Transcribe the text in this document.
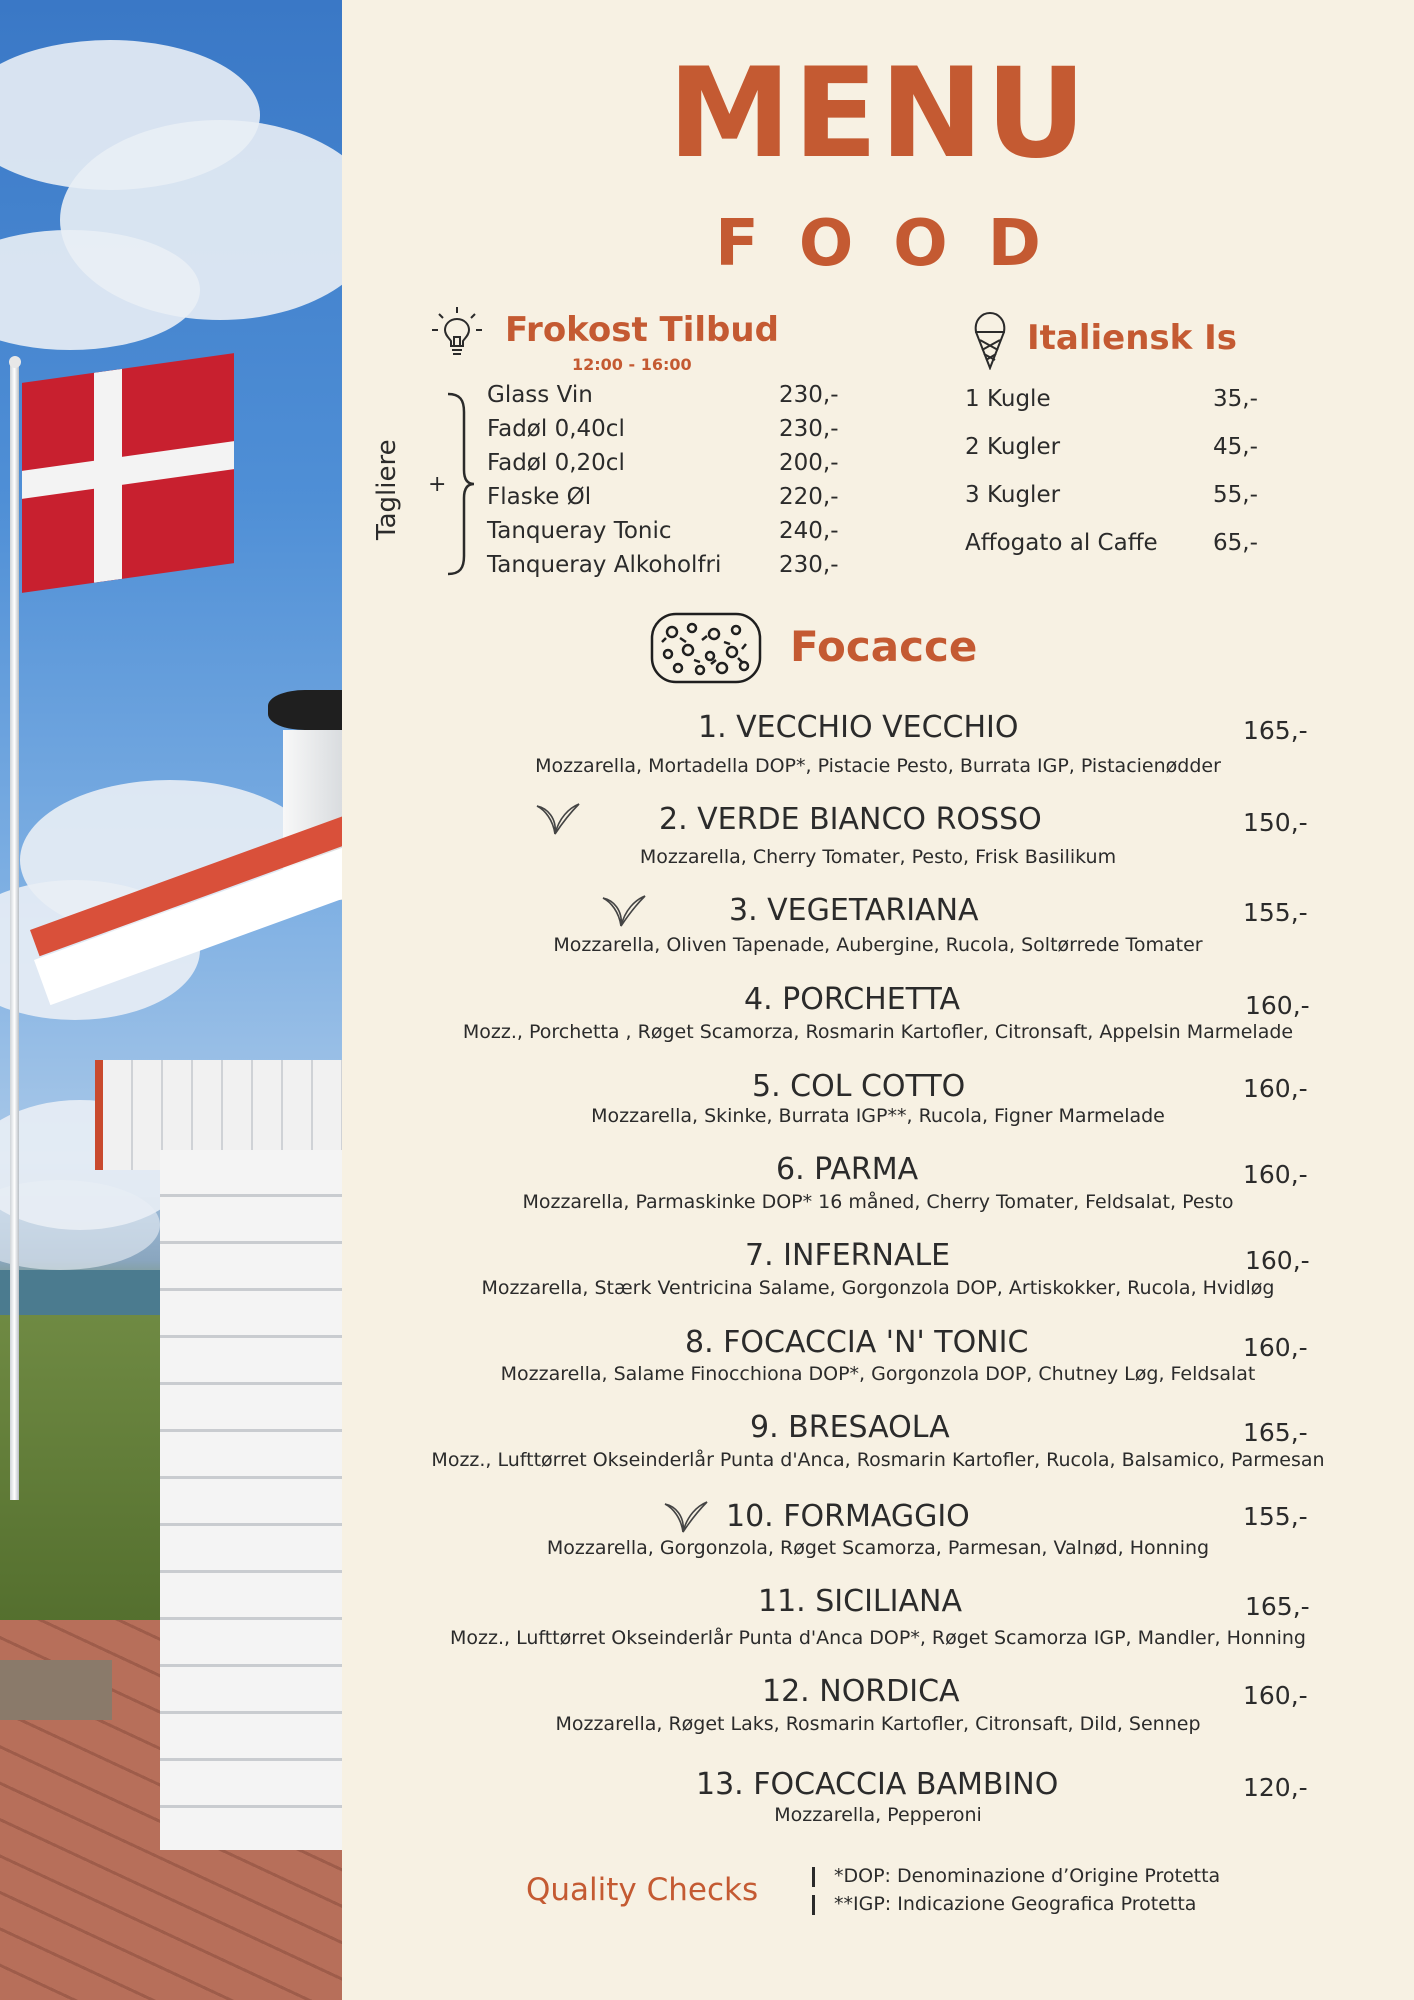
MENU
FOOD
Frokost Tilbud
12:00 - 16:00
Tagliere +
Glass Vin	230,-
Fadøl 0,40cl	230,-
Fadøl 0,20cl	200,-
Flaske Øl	220,-
Tanqueray Tonic	240,-
Tanqueray Alkoholfri	230,-
Italiensk Is
1 Kugle	35,-
2 Kugler	45,-
3 Kugler	55,-
Affogato al Caffe 65,-
Focacce
1. VECCHIO VECCHIO	165,-
Mozzarella, Mortadella DOP*, Pistacie Pesto, Burrata IGP, Pistacienødder
2. VERDE BIANCO ROSSO	150,-
Mozzarella, Cherry Tomater, Pesto, Frisk Basilikum
3. VEGETARIANA	155,-
Mozzarella, Oliven Tapenade, Aubergine, Rucola, Soltørrede Tomater
4. PORCHETTA	160,-
Mozz., Porchetta , Røget Scamorza, Rosmarin Kartofler, Citronsaft, Appelsin Marmelade
5. COL COTTO	160,-
Mozzarella, Skinke, Burrata IGP**, Rucola, Figner Marmelade
6. PARMA	160,-
Mozzarella, Parmaskinke DOP* 16 måned, Cherry Tomater, Feldsalat, Pesto
7. INFERNALE	160,-
Mozzarella, Stærk Ventricina Salame, Gorgonzola DOP, Artiskokker, Rucola, Hvidløg
8. FOCACCIA 'N' TONIC	160,-
Mozzarella, Salame Finocchiona DOP*, Gorgonzola DOP, Chutney Løg, Feldsalat
9. BRESAOLA	165,-
Mozz., Lufttørret Okseinderlår Punta d'Anca, Rosmarin Kartofler, Rucola, Balsamico, Parmesan
10. FORMAGGIO	155,-
Mozzarella, Gorgonzola, Røget Scamorza, Parmesan, Valnød, Honning
11. SICILIANA	165,-
Mozz., Lufttørret Okseinderlår Punta d'Anca DOP*, Røget Scamorza IGP, Mandler, Honning
12. NORDICA	160,-
Mozzarella, Røget Laks, Rosmarin Kartofler, Citronsaft, Dild, Sennep
13. FOCACCIA BAMBINO	120,-
Mozzarella, Pepperoni
Quality Checks	*DOP: Denominazione d’Origine Protetta
**IGP: Indicazione Geografica Protetta
